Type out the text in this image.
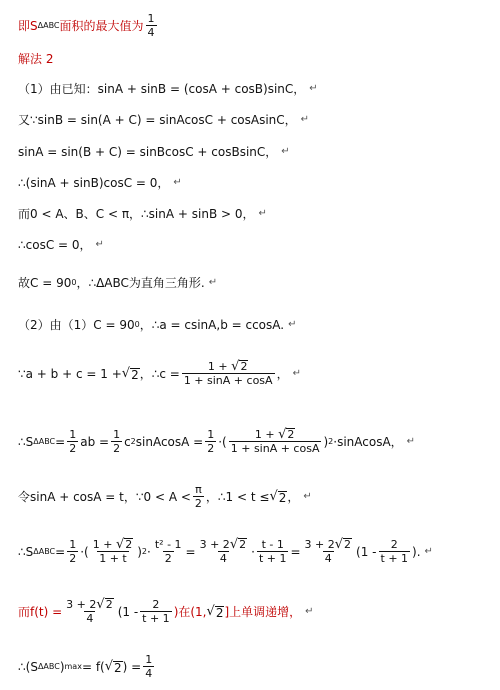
即S ΔABC 面积的最大值为 $\frac{1}{4}$
解法 2
（1）由已知：sinA + sinB = (cosA + cosB)sinC， ↵
又∵sinB = sin(A + C) = sinAcosC + cosAsinC， ↵
sinA = sin(B + C) = sinBcosC + cosBsinC， ↵
∴(sinA + sinB)cosC = 0， ↵
而0 < A、B、C < π，∴sinA + sinB > 0， ↵
∴cosC = 0， ↵
故C = 90 0 ，∴ΔABC为直角三角形. ↵
（2）由（1）C = 90 0 ，∴a = csinA,b = ccosA. ↵
∵a + b + c = 1 + √ 2 ，∴c = $\frac{1 + √ 2}{1 + \sin A + \cos A}$ ， ↵
∴S $\Delta ABC = \frac{1}{2}$ ab = $\frac{1}{2}$ c 2 sinAcosA = $\frac{1}{2}$ ·( $\frac{1 + √ 2}{1 + \sin A + \cos A}$ ) 2 ·sinAcosA， ↵
令sinA + cosA = t，∵0 < $A < \frac{\pi}{2}$ ，∴1 < t ≤ √ 2 ， ↵
∴S $\Delta ABC = \frac{1}{2}$ ·( $\frac{1 + √ 2}{1 + t}$ ) $2 \cdot \frac{\text{t² - 1}}{2} = \frac{3 + 2 √ 2}{4} \cdot \frac{t - 1}{t + 1} = \frac{3 + 2 √ 2}{4} (1 - \frac{2}{t + 1}$ ). ↵
而$f(t) = \frac{3 + 2 √ 2}{4} (1 - \frac{2}{t + 1}$ )在(1, √ 2 ]上单调递增， ↵
∴(S ΔABC ) max = f( √ 2 ) = $\frac{1}{4}$
